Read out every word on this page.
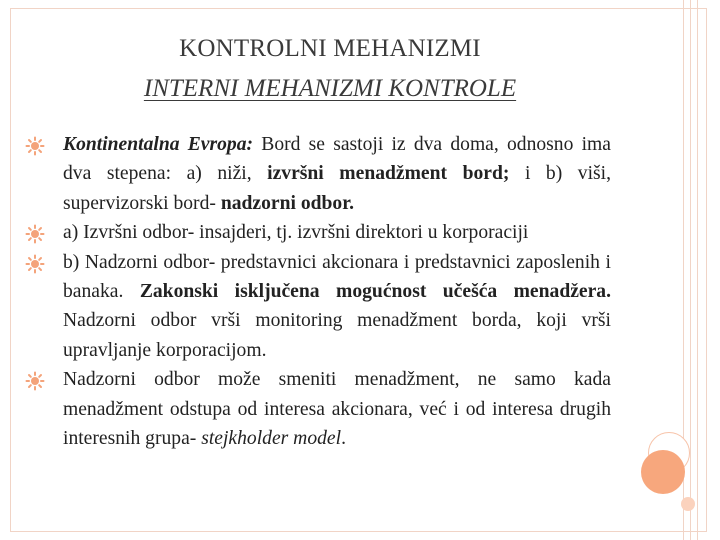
KONTROLNI MEHANIZMI
INTERNI MEHANIZMI KONTROLE
Kontinentalna Evropa: Bord se sastoji iz dva doma, odnosno ima dva stepena: a) niži, izvršni menadžment bord; i b) viši, supervizorski bord- nadzorni odbor.
a) Izvršni odbor- insajderi, tj. izvršni direktori u korporaciji
b) Nadzorni odbor- predstavnici akcionara i predstavnici zaposlenih i banaka. Zakonski isključena mogućnost učešća menadžera. Nadzorni odbor vrši monitoring menadžment borda, koji vrši upravljanje korporacijom.
Nadzorni odbor može smeniti menadžment, ne samo kada menadžment odstupa od interesa akcionara, već i od interesa drugih interesnih grupa- stejkholder model.
